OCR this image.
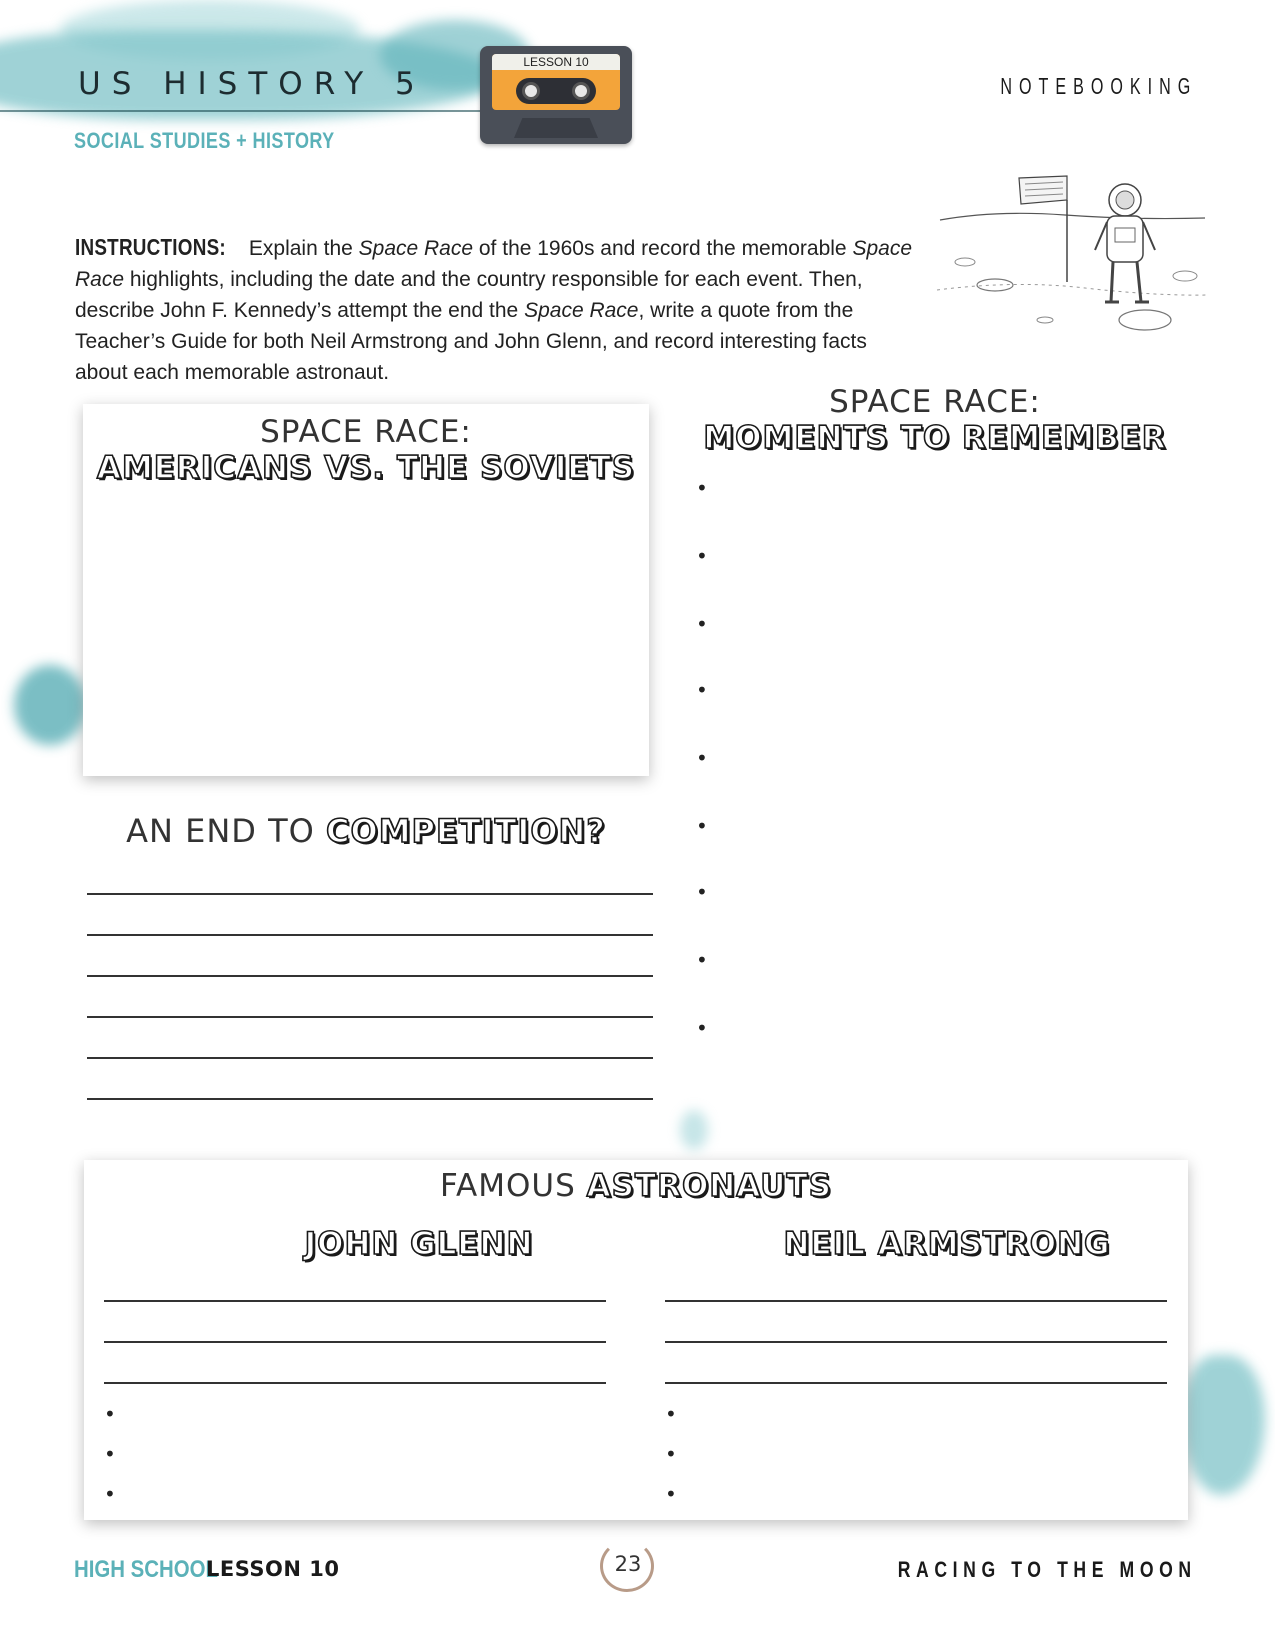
US HISTORY 5
SOCIAL STUDIES + HISTORY
NOTEBOOKING
LESSON 10
INSTRUCTIONS: Explain the Space Race of the 1960s and record the memorable Space Race highlights, including the date and the country responsible for each event. Then, describe John F. Kennedy’s attempt the end the Space Race, write a quote from the Teacher’s Guide for both Neil Armstrong and John Glenn, and record interesting facts about each memorable astronaut.
SPACE RACE:
AMERICANS VS. THE SOVIETS
SPACE RACE:
MOMENTS TO REMEMBER
•
•
•
•
•
•
•
•
•
AN END TO COMPETITION?
FAMOUS ASTRONAUTS
JOHN GLENN	NEIL ARMSTRONG
•
•
•
•
•
•
HIGH SCHOOL
LESSON 10	23	RACING TO THE MOON
